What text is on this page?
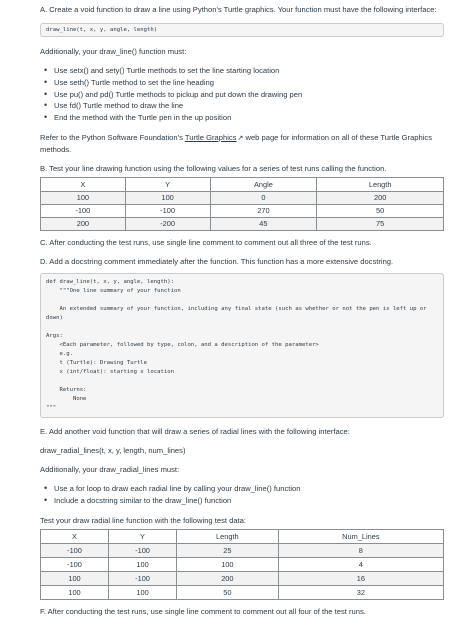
A. Create a void function to draw a line using Python's Turtle graphics. Your function must have the following interface:

draw_line(t, x, y, angle, length)

Additionally, your draw_line() function must:

• Use setx() and sety() Turtle methods to set the line starting location
• Use seth() Turtle method to set the line heading
• Use pu() and pd() Turtle methods to pickup and put down the drawing pen
• Use fd() Turtle method to draw the line
• End the method with the Turtle pen in the up position

Refer to the Python Software Foundation's Turtle Graphics↗ web page for information on all of these Turtle Graphics methods.

B. Test your line drawing function using the following values for a series of test runs calling the function.

X	Y	Angle	Length
100	100	0	200
-100	-100	270	50
200	-200	45	75

C. After conducting the test runs, use single line comment to comment out all three of the test runs.

D. Add a docstring comment immediately after the function. This function has a more extensive docstring.

def draw_line(t, x, y, angle, length):
"""One line summary of your function

An extended summary of your function, including any final state (such as whether or not the pen is left up or down)

Args:
<Each parameter, followed by type, colon, and a description of the parameter>
e.g.
t (Turtle): Drawing Turtle
x (int/float): starting x location

Returns:
None
"""

E. Add another void function that will draw a series of radial lines with the following interface:

draw_radial_lines(t, x, y, length, num_lines)

Additionally, your draw_radial_lines must:

• Use a for loop to draw each radial line by calling your draw_line() function
• Include a docstring similar to the draw_line() function

Test your draw radial line function with the following test data:

X	Y	Length	Num_Lines
-100	-100	25	8
-100	100	100	4
100	-100	200	16
100	100	50	32

F. After conducting the test runs, use single line comment to comment out all four of the test runs.
